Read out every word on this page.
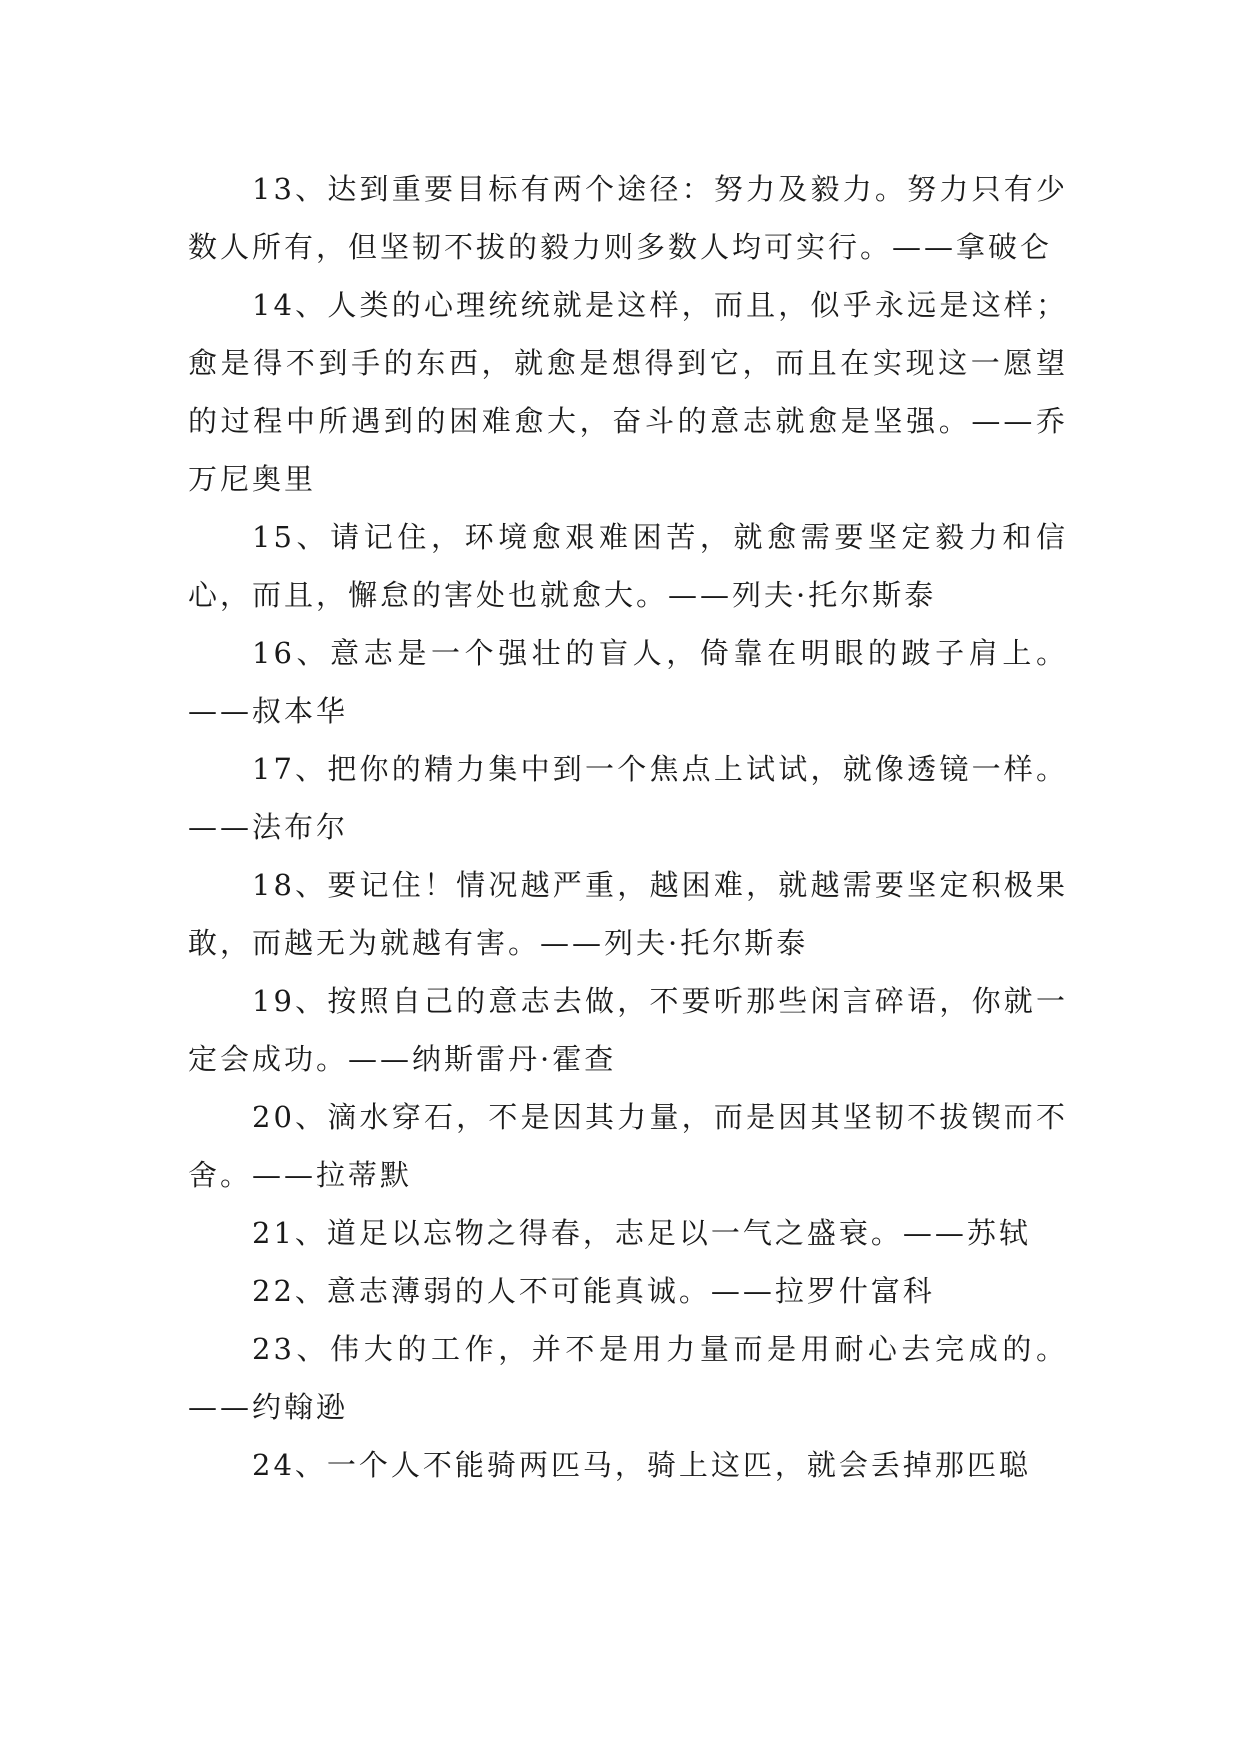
13、达到重要目标有两个途径：努力及毅力。努力只有少数人所有，但坚韧不拔的毅力则多数人均可实行。——拿破仑

14、人类的心理统统就是这样，而且，似乎永远是这样；愈是得不到手的东西，就愈是想得到它，而且在实现这一愿望的过程中所遇到的困难愈大，奋斗的意志就愈是坚强。——乔万尼奥里

15、请记住，环境愈艰难困苦，就愈需要坚定毅力和信心，而且，懈怠的害处也就愈大。——列夫·托尔斯泰

16、意志是一个强壮的盲人，倚靠在明眼的跛子肩上。——叔本华

17、把你的精力集中到一个焦点上试试，就像透镜一样。——法布尔

18、要记住！情况越严重，越困难，就越需要坚定积极果敢，而越无为就越有害。——列夫·托尔斯泰

19、按照自己的意志去做，不要听那些闲言碎语，你就一定会成功。——纳斯雷丹·霍查

20、滴水穿石，不是因其力量，而是因其坚韧不拔锲而不舍。——拉蒂默

21、道足以忘物之得春，志足以一气之盛衰。——苏轼

22、意志薄弱的人不可能真诚。——拉罗什富科

23、伟大的工作，并不是用力量而是用耐心去完成的。——约翰逊

24、一个人不能骑两匹马，骑上这匹，就会丢掉那匹聪
